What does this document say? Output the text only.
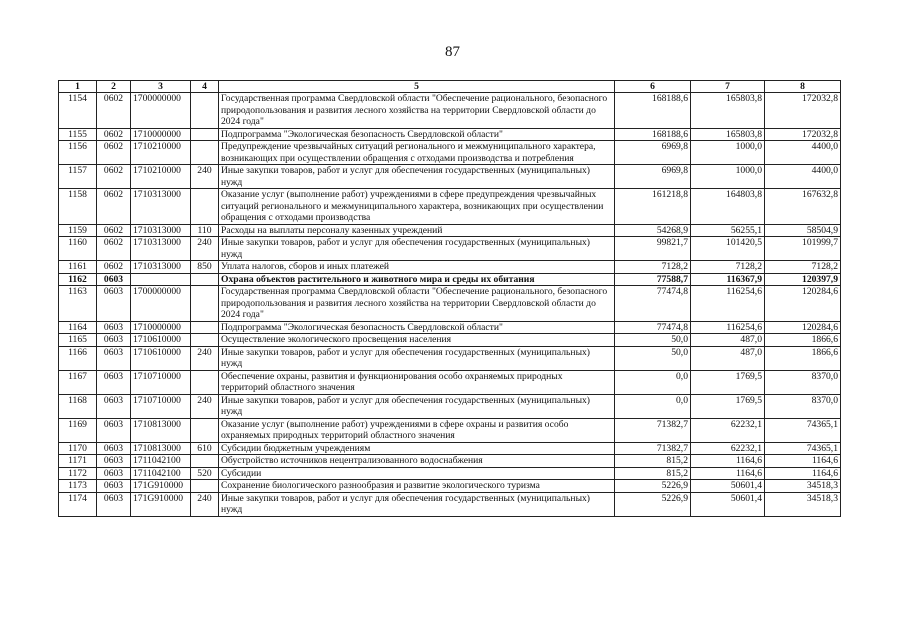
87
1	2	3	4	5	6	7	8
1154	0602	1700000000		Государственная программа Свердловской области "Обеспечение рационального, безопасного природопользования и развития лесного хозяйства на территории Свердловской области до 2024 года"	168188,6	165803,8	172032,8
1155	0602	1710000000		Подпрограмма "Экологическая безопасность Свердловской области"	168188,6	165803,8	172032,8
1156	0602	1710210000		Предупреждение чрезвычайных ситуаций регионального и межмуниципального характера, возникающих при осуществлении обращения с отходами производства и потребления	6969,8	1000,0	4400,0
1157	0602	1710210000	240	Иные закупки товаров, работ и услуг для обеспечения государственных (муниципальных) нужд	6969,8	1000,0	4400,0
1158	0602	1710313000		Оказание услуг (выполнение работ) учреждениями в сфере предупреждения чрезвычайных ситуаций регионального и межмуниципального характера, возникающих при осуществлении обращения с отходами производства	161218,8	164803,8	167632,8
1159	0602	1710313000	110	Расходы на выплаты персоналу казенных учреждений	54268,9	56255,1	58504,9
1160	0602	1710313000	240	Иные закупки товаров, работ и услуг для обеспечения государственных (муниципальных) нужд	99821,7	101420,5	101999,7
1161	0602	1710313000	850	Уплата налогов, сборов и иных платежей	7128,2	7128,2	7128,2
1162	0603			Охрана объектов растительного и животного мира и среды их обитания	77588,7	116367,9	120397,9
1163	0603	1700000000		Государственная программа Свердловской области "Обеспечение рационального, безопасного природопользования и развития лесного хозяйства на территории Свердловской области до 2024 года"	77474,8	116254,6	120284,6
1164	0603	1710000000		Подпрограмма "Экологическая безопасность Свердловской области"	77474,8	116254,6	120284,6
1165	0603	1710610000		Осуществление экологического просвещения населения	50,0	487,0	1866,6
1166	0603	1710610000	240	Иные закупки товаров, работ и услуг для обеспечения государственных (муниципальных) нужд	50,0	487,0	1866,6
1167	0603	1710710000		Обеспечение охраны, развития и функционирования особо охраняемых природных территорий областного значения	0,0	1769,5	8370,0
1168	0603	1710710000	240	Иные закупки товаров, работ и услуг для обеспечения государственных (муниципальных) нужд	0,0	1769,5	8370,0
1169	0603	1710813000		Оказание услуг (выполнение работ) учреждениями в сфере охраны и развития особо охраняемых природных территорий областного значения	71382,7	62232,1	74365,1
1170	0603	1710813000	610	Субсидии бюджетным учреждениям	71382,7	62232,1	74365,1
1171	0603	1711042100		Обустройство источников нецентрализованного водоснабжения	815,2	1164,6	1164,6
1172	0603	1711042100	520	Субсидии	815,2	1164,6	1164,6
1173	0603	171G910000		Сохранение биологического разнообразия и развитие экологического туризма	5226,9	50601,4	34518,3
1174	0603	171G910000	240	Иные закупки товаров, работ и услуг для обеспечения государственных (муниципальных) нужд	5226,9	50601,4	34518,3
